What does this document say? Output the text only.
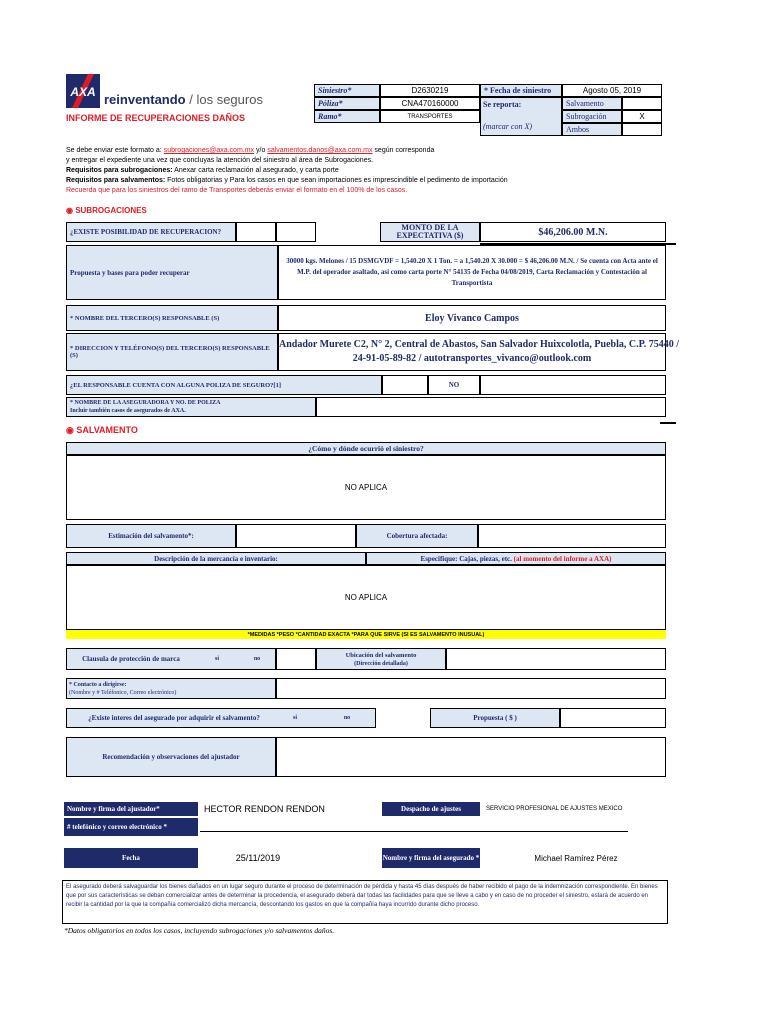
AXA reinventando / los seguros
INFORME DE RECUPERACIONES DAÑOS
Siniestro*	D2630219
Póliza*	CNA470160000
Ramo*	TRANSPORTES
* Fecha de siniestro	Agosto 05, 2019
Se reporta:
(marcar con X)
Salvamento
Subrogación	X
Ambos
Se debe enviar este formato a: subrogaciones@axa.com.mx y/o salvamentos.danos@axa.com.mx según corresponda
y entregar el expediente una vez que concluyas la atención del siniestro al área de Subrogaciones.
Requisitos para subrogaciones: Anexar carta reclamación al asegurado, y carta porte
Requisitos para salvamentos: Fotos obligatorias y Para los casos en que sean importaciones es imprescindible el pedimento de importación
Recuerda que para los siniestros del ramo de Transportes deberás enviar el formato en el 100% de los casos.
◉ SUBROGACIONES
¿EXISTE POSIBILIDAD DE RECUPERACION?	MONTO DE LA EXPECTATIVA ($)	$46,206.00 M.N.
Propuesta y bases para poder recuperar
30000 kgs. Melones / 15 DSMGVDF = 1,540.20 X 1 Ton. = a 1,540.20 X 30.000 = $ 46,206.00 M.N. / Se cuenta con Acta ante el M.P. del operador asaltado, así como carta porte N° 54135 de Fecha 04/08/2019, Carta Reclamación y Contestación al Transportista
* NOMBRE DEL TERCERO(S) RESPONSABLE (S)	Eloy Vivanco Campos
* DIRECCION Y TELÉFONO(S) DEL TERCERO(S) RESPONSABLE (S)
Andador Murete C2, N° 2, Central de Abastos, San Salvador Huixcolotla, Puebla, C.P. 75440 /
24-91-05-89-82 / autotransportes_vivanco@outlook.com
¿EL RESPONSABLE CUENTA CON ALGUNA POLIZA DE SEGURO?[1]	NO
* NOMBRE DE LA ASEGURADORA Y NO. DE POLIZA
Incluir también casos de asegurados de AXA.
◉ SALVAMENTO
¿Cómo y dónde ocurrió el siniestro?
NO APLICA
Estimación del salvamento*:	Cobertura afectada:
Descripción de la mercancía e inventario:	Especifique: Cajas, piezas, etc.
(al momento del informe a AXA)
NO APLICA
*MEDIDAS *PESO *CANTIDAD EXACTA *PARA QUE SIRVE (SI ES SALVAMENTO INUSUAL)
Clausula de protección de marca	si	no	Ubicación del salvamento
(Dirección detallada)
* Contacto a dirigirse:
(Nombre y # Teléfonico, Correo electrónico)
¿Existe interes del asegurado por adquirir el salvamento?	si	no	Propuesta ( $ )
Recomendación y observaciones del ajustador
Nombre y firma del ajustador*	HECTOR RENDON RENDON	Despacho de ajustes	SERVICIO PROFESIONAL DE AJUSTES MEXICO
# telefónico y correo electrónico *
Fecha	25/11/2019	Nombre y firma del asegurado *	Michael Ramírez Pérez
El asegurado deberá salvaguardar los bienes dañados en un lugar seguro durante el proceso de determinación de pérdida y hasta 45 días después de haber recibido el pago de la indemnización correspondiente. En bienes que por sus características se deban comercializar antes de determinar la procedencia, el asegurado deberá dar todas las facilidades para que se lleve a cabo y en caso de no proceder el siniestro, estará de acuerdo en recibir la cantidad por la que la compañía comercializó dicha mercancía, descontando los gastos en que la compañía haya incurrido durante dicho proceso.
*Datos obligatorios en todos los casos, incluyendo subrogaciones y/o salvamentos daños.
